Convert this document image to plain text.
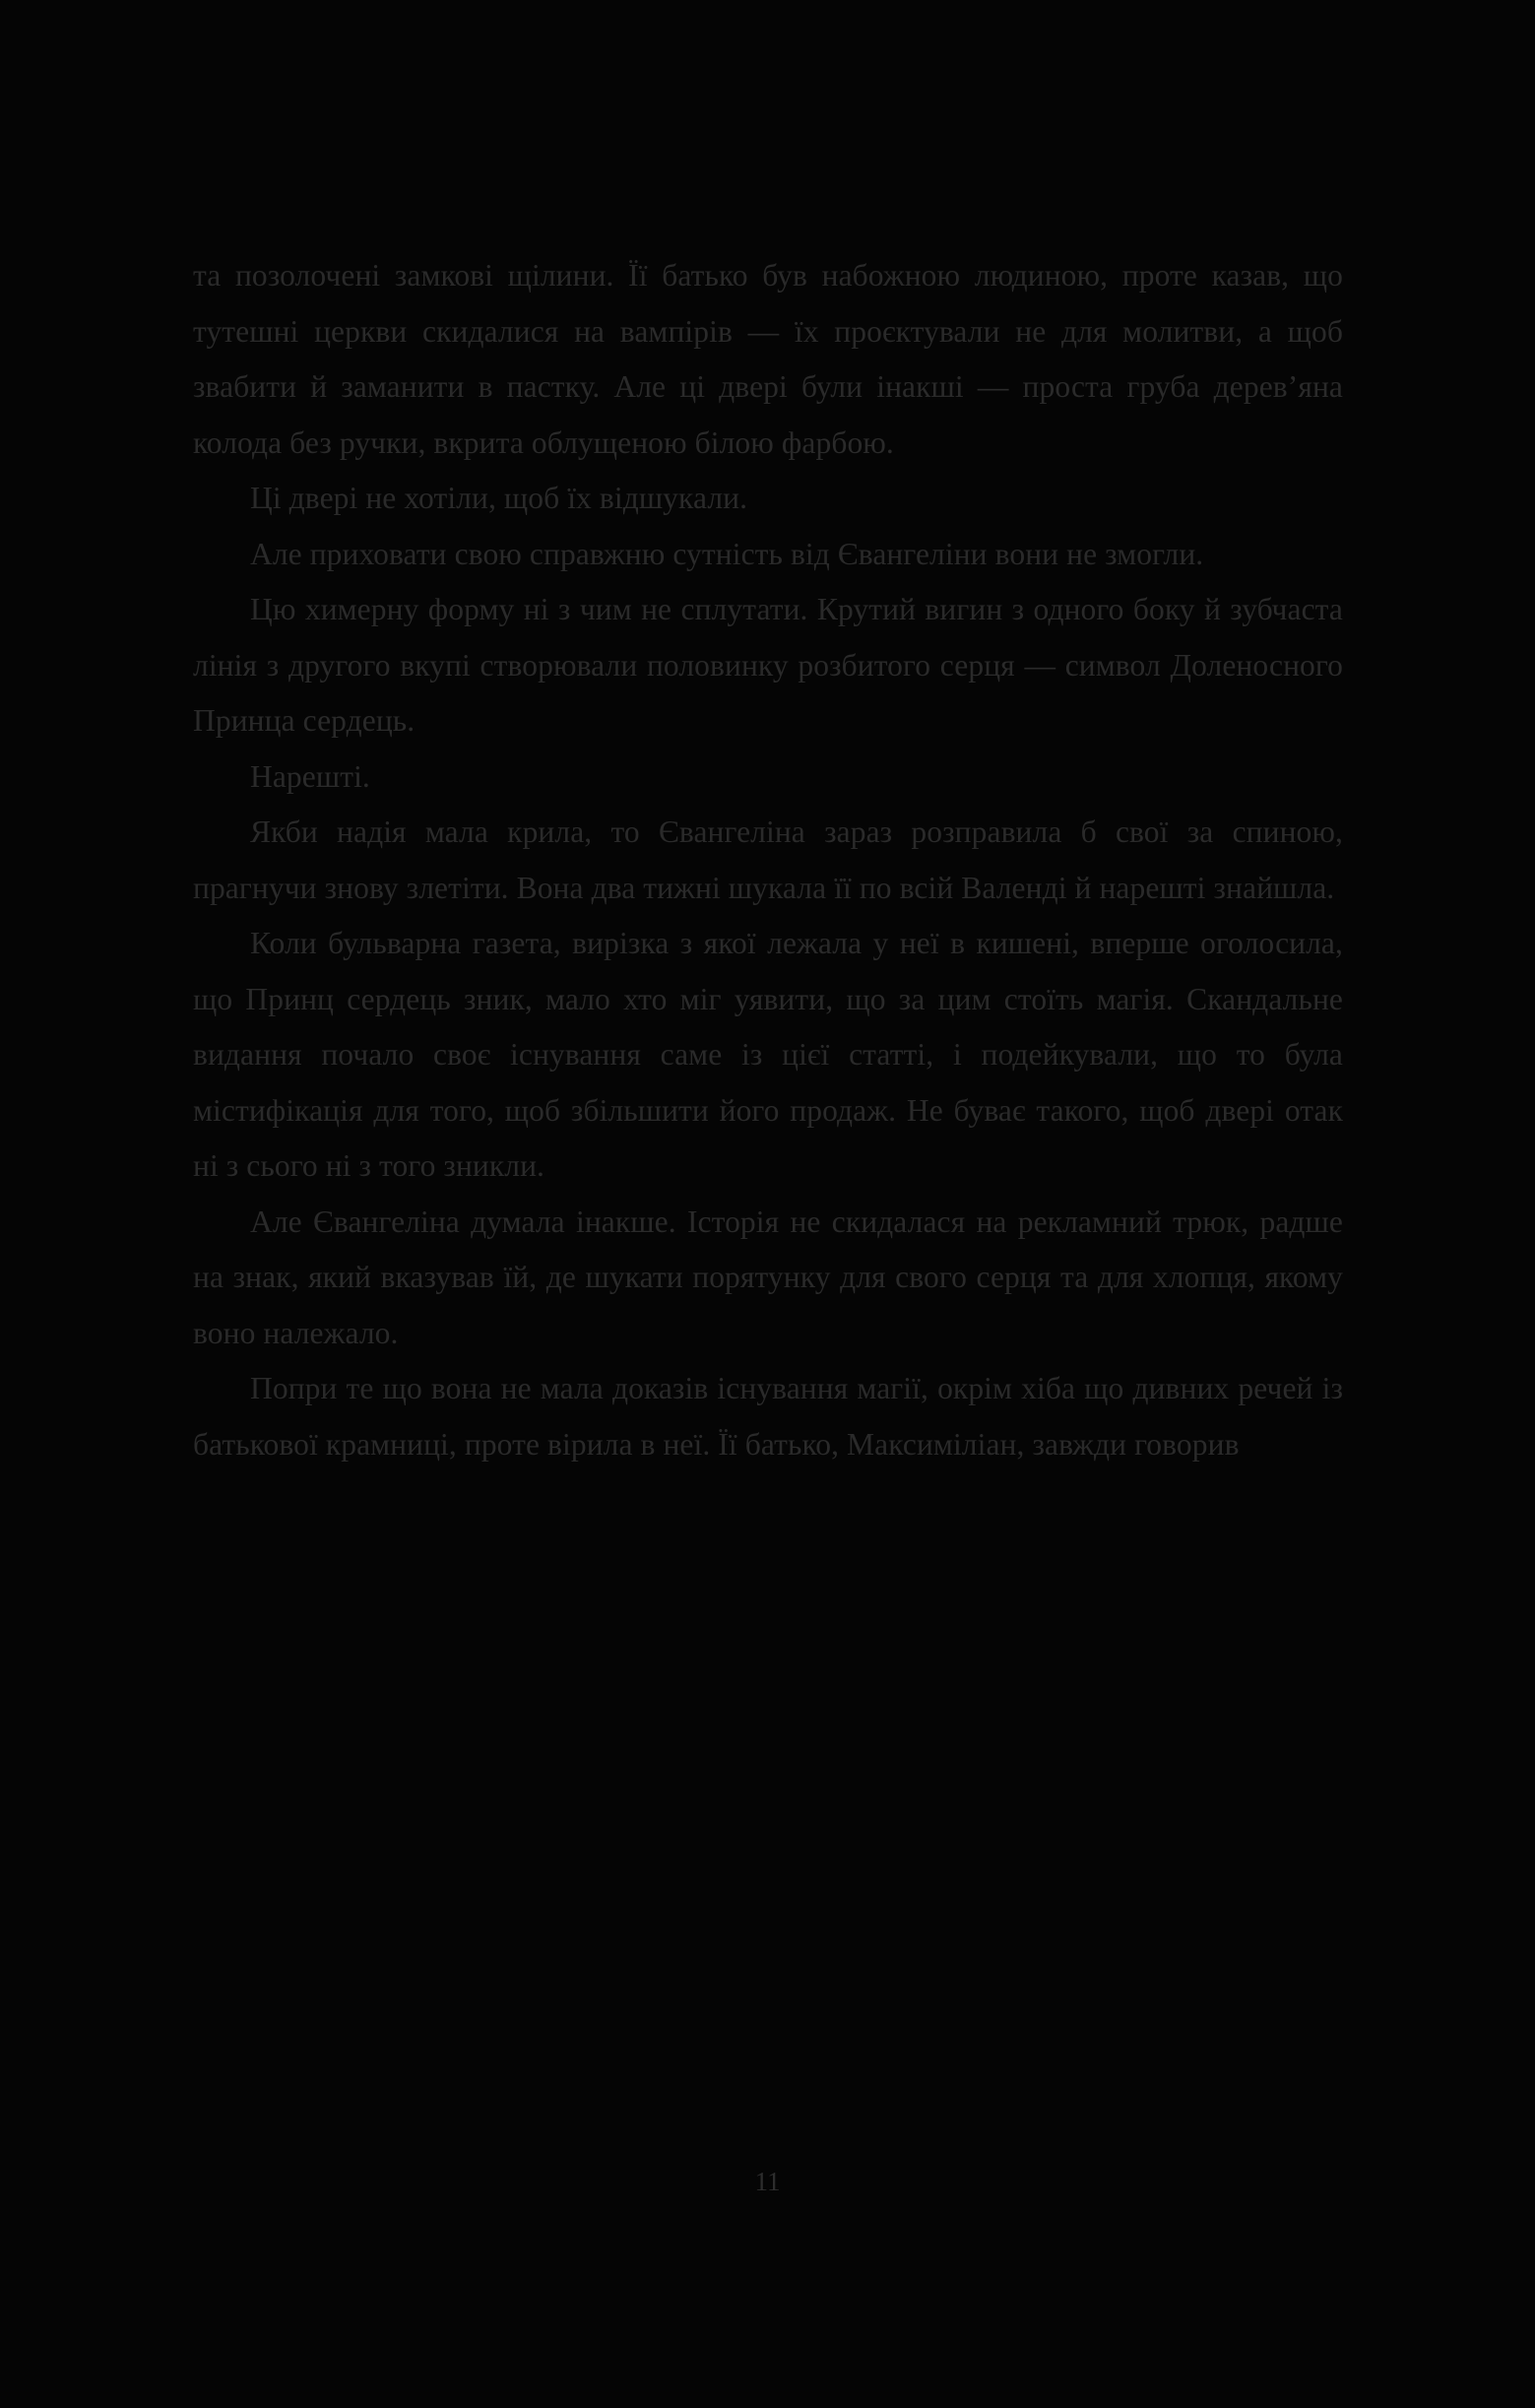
та позолочені замкові щілини. Її батько був набожною людиною, проте казав, що тутешні церкви скидалися на вампірів — їх проєктували не для молитви, а щоб звабити й заманити в пастку. Але ці двері були інакші — проста груба дерев’яна колода без ручки, вкрита облущеною білою фарбою.

Ці двері не хотіли, щоб їх відшукали.

Але приховати свою справжню сутність від Євангеліни вони не змогли.

Цю химерну форму ні з чим не сплутати. Крутий вигин з одного боку й зубчаста лінія з другого вкупі створювали половинку розбитого серця — символ Доленосного Принца сердець.

Нарешті.

Якби надія мала крила, то Євангеліна зараз розправила б свої за спиною, прагнучи знову злетіти. Вона два тижні шукала її по всій Валенді й нарешті знайшла.

Коли бульварна газета, вирізка з якої лежала у неї в кишені, вперше оголосила, що Принц сердець зник, мало хто міг уявити, що за цим стоїть магія. Скандальне видання почало своє існування саме із цієї статті, і подейкували, що то була містифікація для того, щоб збільшити його продаж. Не буває такого, щоб двері отак ні з сього ні з того зникли.

Але Євангеліна думала інакше. Історія не скидалася на рекламний трюк, радше на знак, який вказував їй, де шукати порятунку для свого серця та для хлопця, якому воно належало.

Попри те що вона не мала доказів існування магії, окрім хіба що дивних речей із батькової крамниці, проте вірила в неї. Її батько, Максиміліан, завжди говорив

11
